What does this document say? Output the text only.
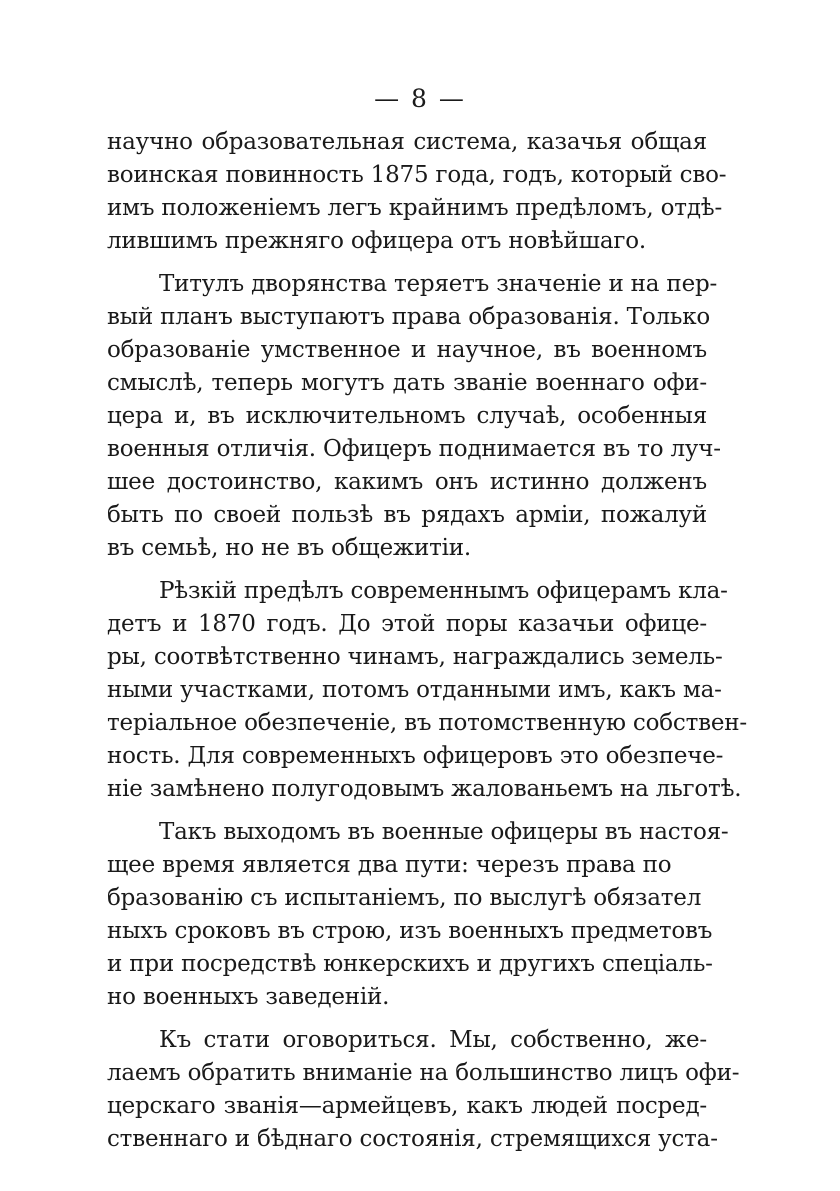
— 8 —
научно образовательная система, казачья общая
воинская повинность 1875 года, годъ, который сво-
имъ положенiемъ легъ крайнимъ предѣломъ, отдѣ-
лившимъ прежняго офицера отъ новѣйшаго.
Титулъ дворянства теряетъ значенiе и на пер-
вый планъ выступаютъ права образованiя. Только
образованiе умственное и научное, въ военномъ
смыслѣ, теперь могутъ дать званiе военнаго офи-
цера и, въ исключительномъ случаѣ, особенныя
военныя отличiя. Офицеръ поднимается въ то луч-
шее достоинство, какимъ онъ истинно долженъ
быть по своей пользѣ въ рядахъ армiи, пожалуй
въ семьѣ, но не въ общежитiи.
Рѣзкiй предѣлъ современнымъ офицерамъ кла-
детъ и 1870 годъ. До этой поры казачьи офице-
ры, соотвѣтственно чинамъ, награждались земель-
ными участками, потомъ отданными имъ, какъ ма-
терiальное обезпеченiе, въ потомственную собствен-
ность. Для современныхъ офицеровъ это обезпече-
нiе замѣнено полугодовымъ жалованьемъ на льготѣ.
Такъ выходомъ въ военные офицеры въ настоя-
щее время является два пути: черезъ права по
бразованiю съ испытанiемъ, по выслугѣ обязател
ныхъ сроковъ въ строю, изъ военныхъ предметовъ
и при посредствѣ юнкерскихъ и другихъ спецiаль-
но военныхъ заведенiй.
Къ стати оговориться. Мы, собственно, же-
лаемъ обратить вниманiе на большинство лицъ офи-
церскаго званiя—армейцевъ, какъ людей посред-
ственнаго и бѣднаго состоянiя, стремящихся уста-
